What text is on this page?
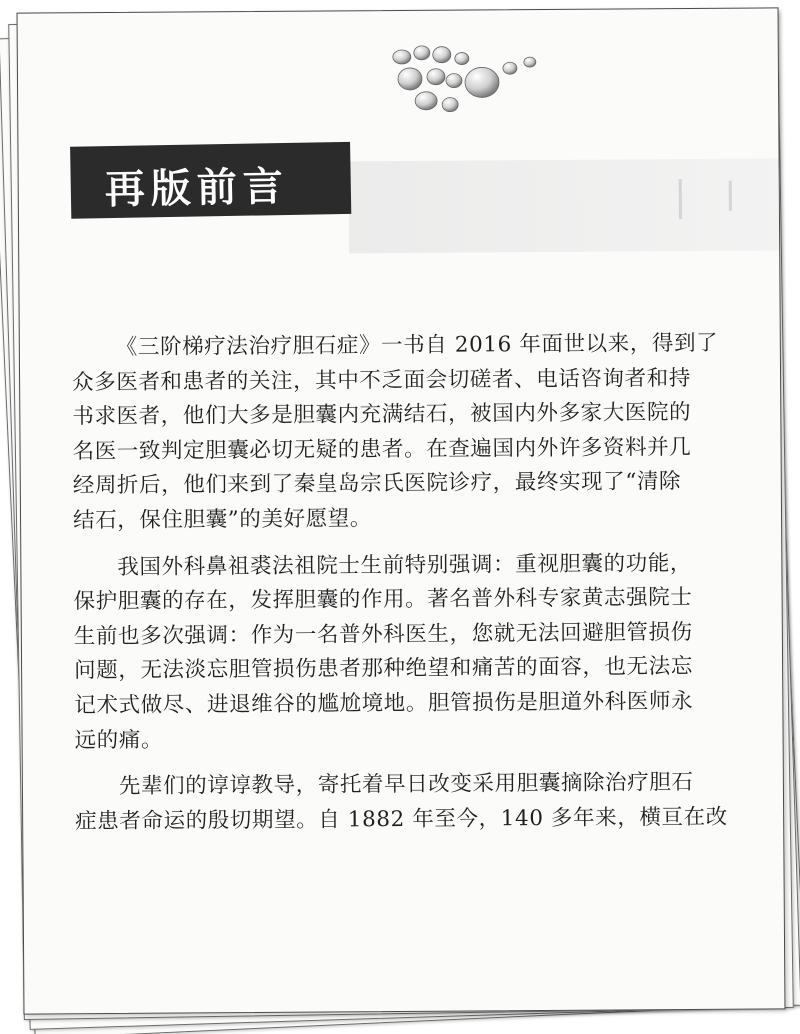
再版前言
《三阶梯疗法治疗胆石症》一书自 2016 年面世以来，得到了
众多医者和患者的关注，其中不乏面会切磋者、电话咨询者和持
书求医者，他们大多是胆囊内充满结石，被国内外多家大医院的
名医一致判定胆囊必切无疑的患者。在查遍国内外许多资料并几
经周折后，他们来到了秦皇岛宗氏医院诊疗，最终实现了“清除
结石，保住胆囊”的美好愿望。
我国外科鼻祖裘法祖院士生前特别强调：重视胆囊的功能，
保护胆囊的存在，发挥胆囊的作用。著名普外科专家黄志强院士
生前也多次强调：作为一名普外科医生，您就无法回避胆管损伤
问题，无法淡忘胆管损伤患者那种绝望和痛苦的面容，也无法忘
记术式做尽、进退维谷的尴尬境地。胆管损伤是胆道外科医师永
远的痛。
先辈们的谆谆教导，寄托着早日改变采用胆囊摘除治疗胆石
症患者命运的殷切期望。自 1882 年至今，140 多年来，横亘在改
